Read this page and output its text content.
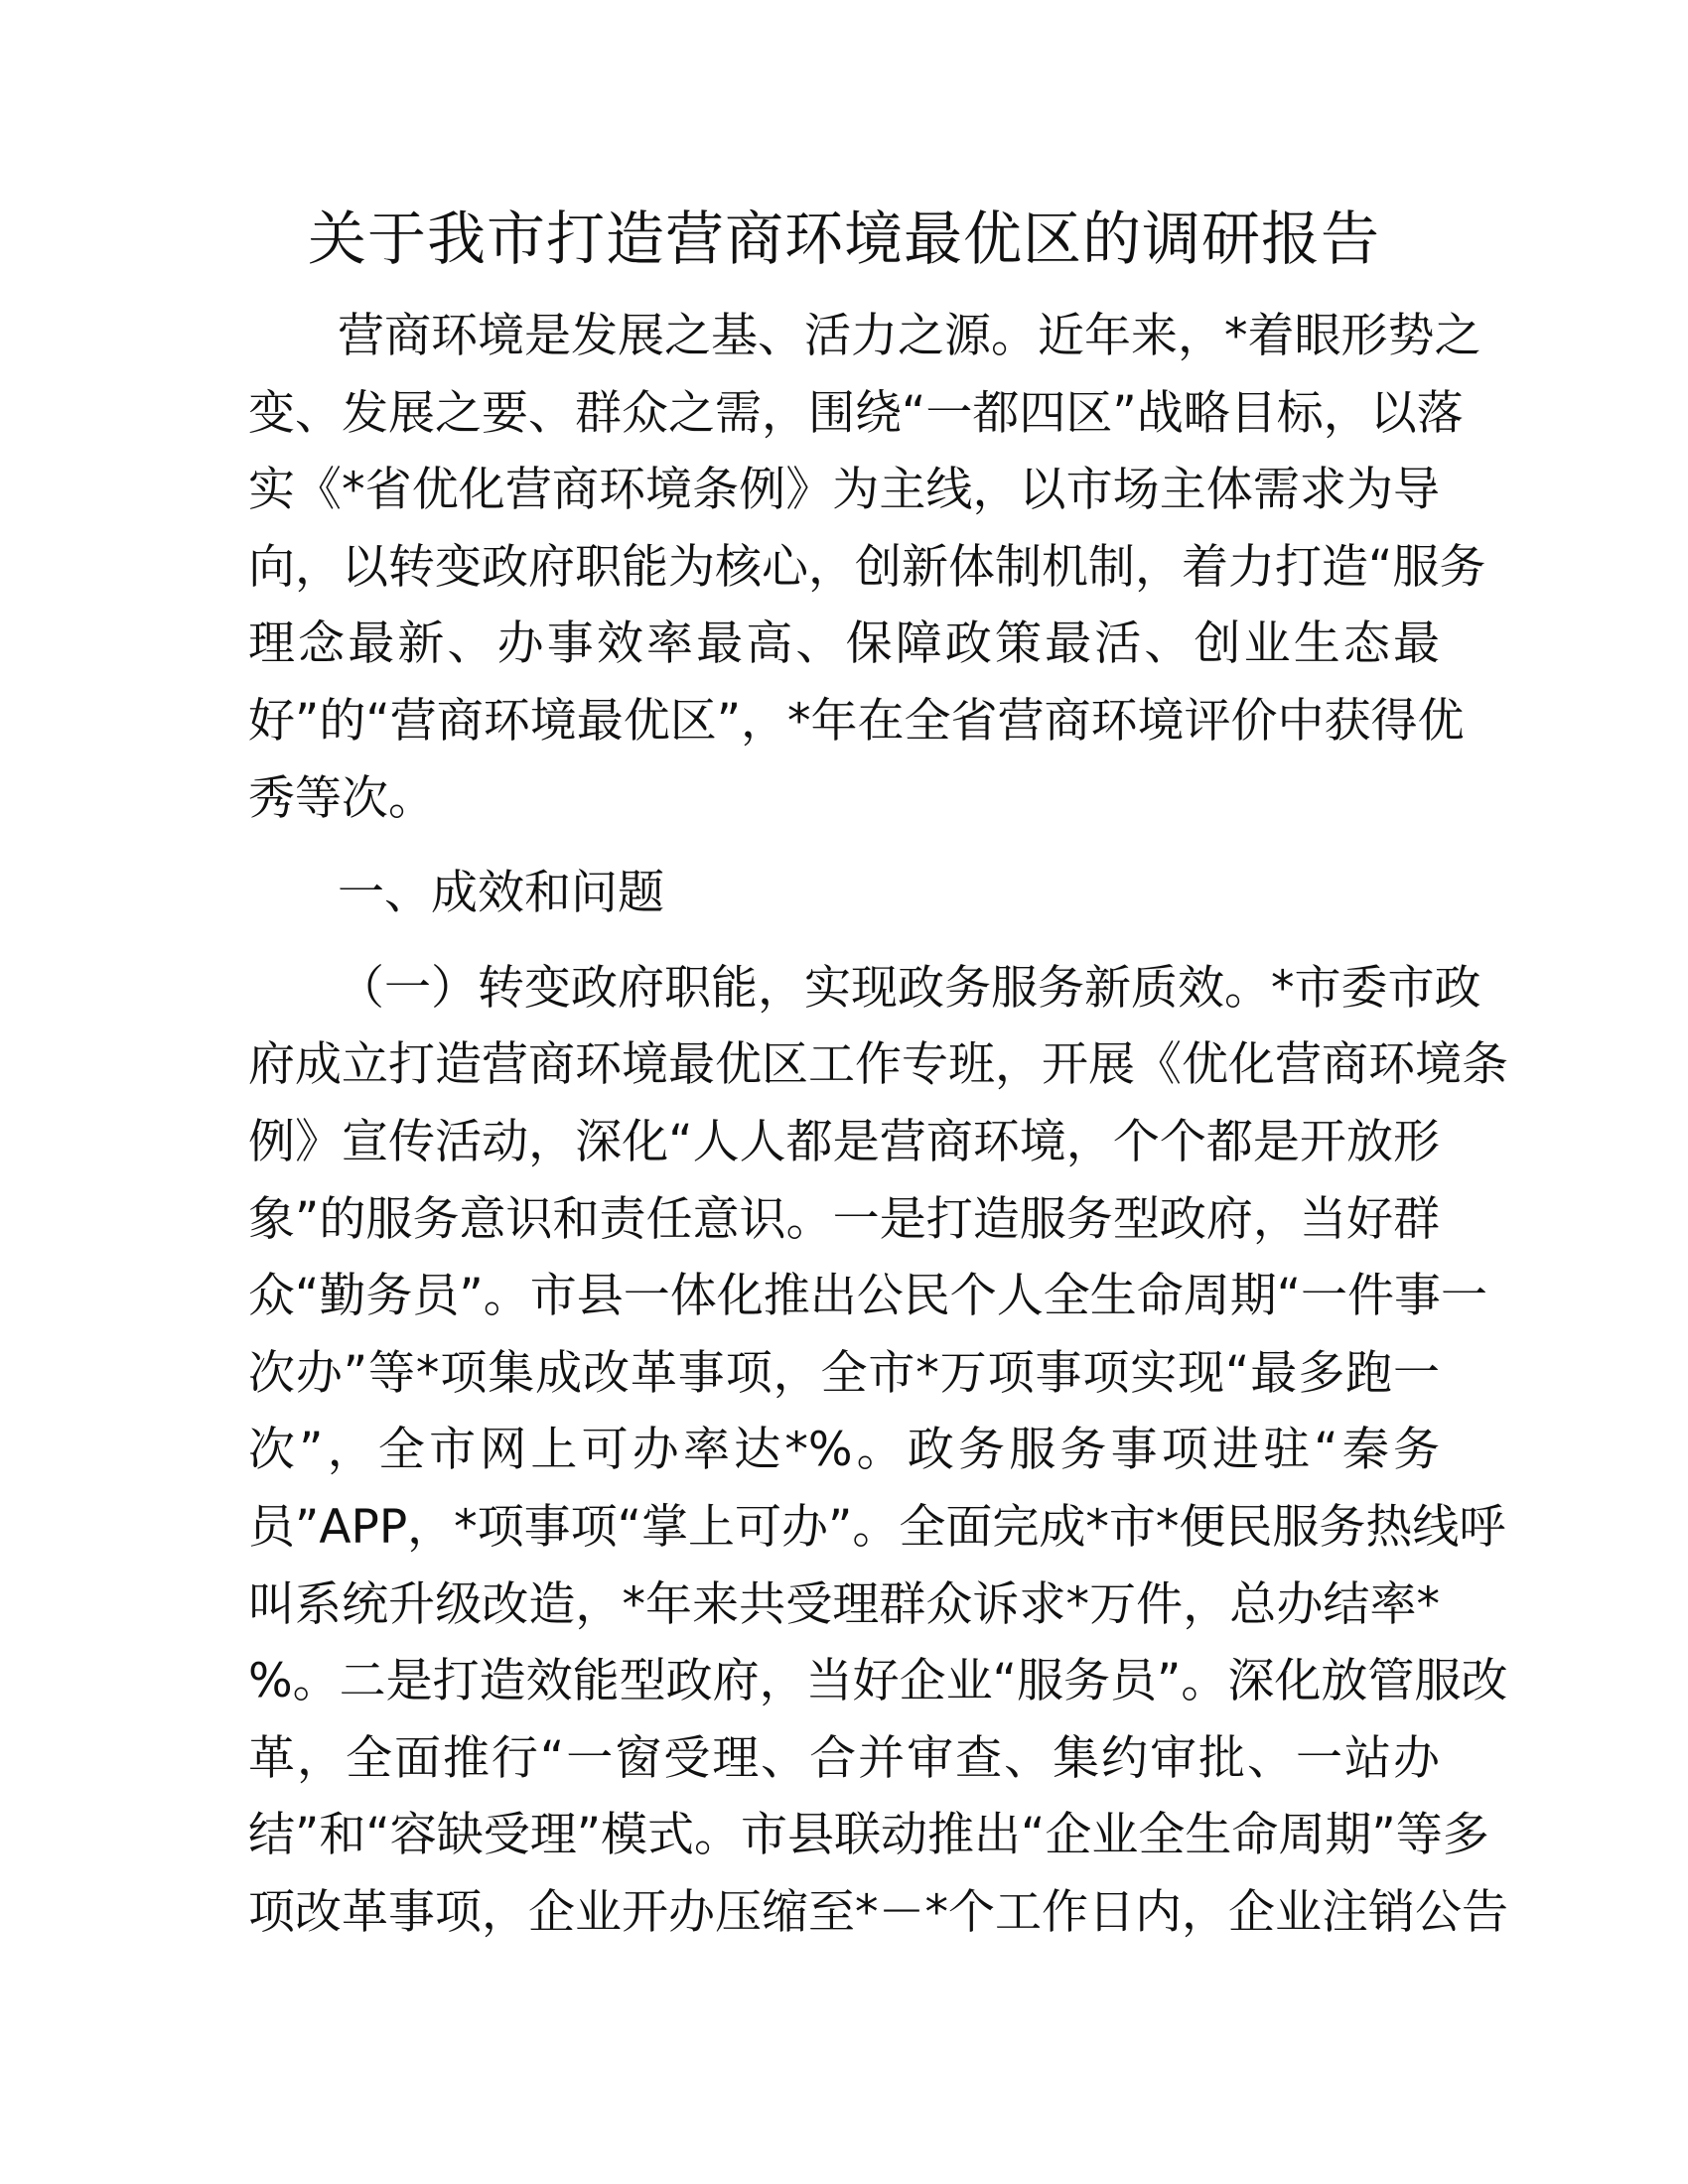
关于我市打造营商环境最优区的调研报告
营商环境是发展之基、活力之源。近年来，*着眼形势之
变、发展之要、群众之需，围绕“一都四区”战略目标，以落
实《*省优化营商环境条例》为主线，以市场主体需求为导
向，以转变政府职能为核心，创新体制机制，着力打造“服务
理念最新、办事效率最高、保障政策最活、创业生态最
好”的“营商环境最优区”，*年在全省营商环境评价中获得优
秀等次。
一、成效和问题
（一）转变政府职能，实现政务服务新质效。*市委市政
府成立打造营商环境最优区工作专班，开展《优化营商环境条
例》宣传活动，深化“人人都是营商环境，个个都是开放形
象”的服务意识和责任意识。一是打造服务型政府，当好群
众“勤务员”。市县一体化推出公民个人全生命周期“一件事一
次办”等*项集成改革事项，全市*万项事项实现“最多跑一
次”，全市网上可办率达*%。政务服务事项进驻“秦务
员”APP，*项事项“掌上可办”。全面完成*市*便民服务热线呼
叫系统升级改造，*年来共受理群众诉求*万件，总办结率*
%。二是打造效能型政府，当好企业“服务员”。深化放管服改
革，全面推行“一窗受理、合并审查、集约审批、一站办
结”和“容缺受理”模式。市县联动推出“企业全生命周期”等多
项改革事项，企业开办压缩至*－*个工作日内，企业注销公告
